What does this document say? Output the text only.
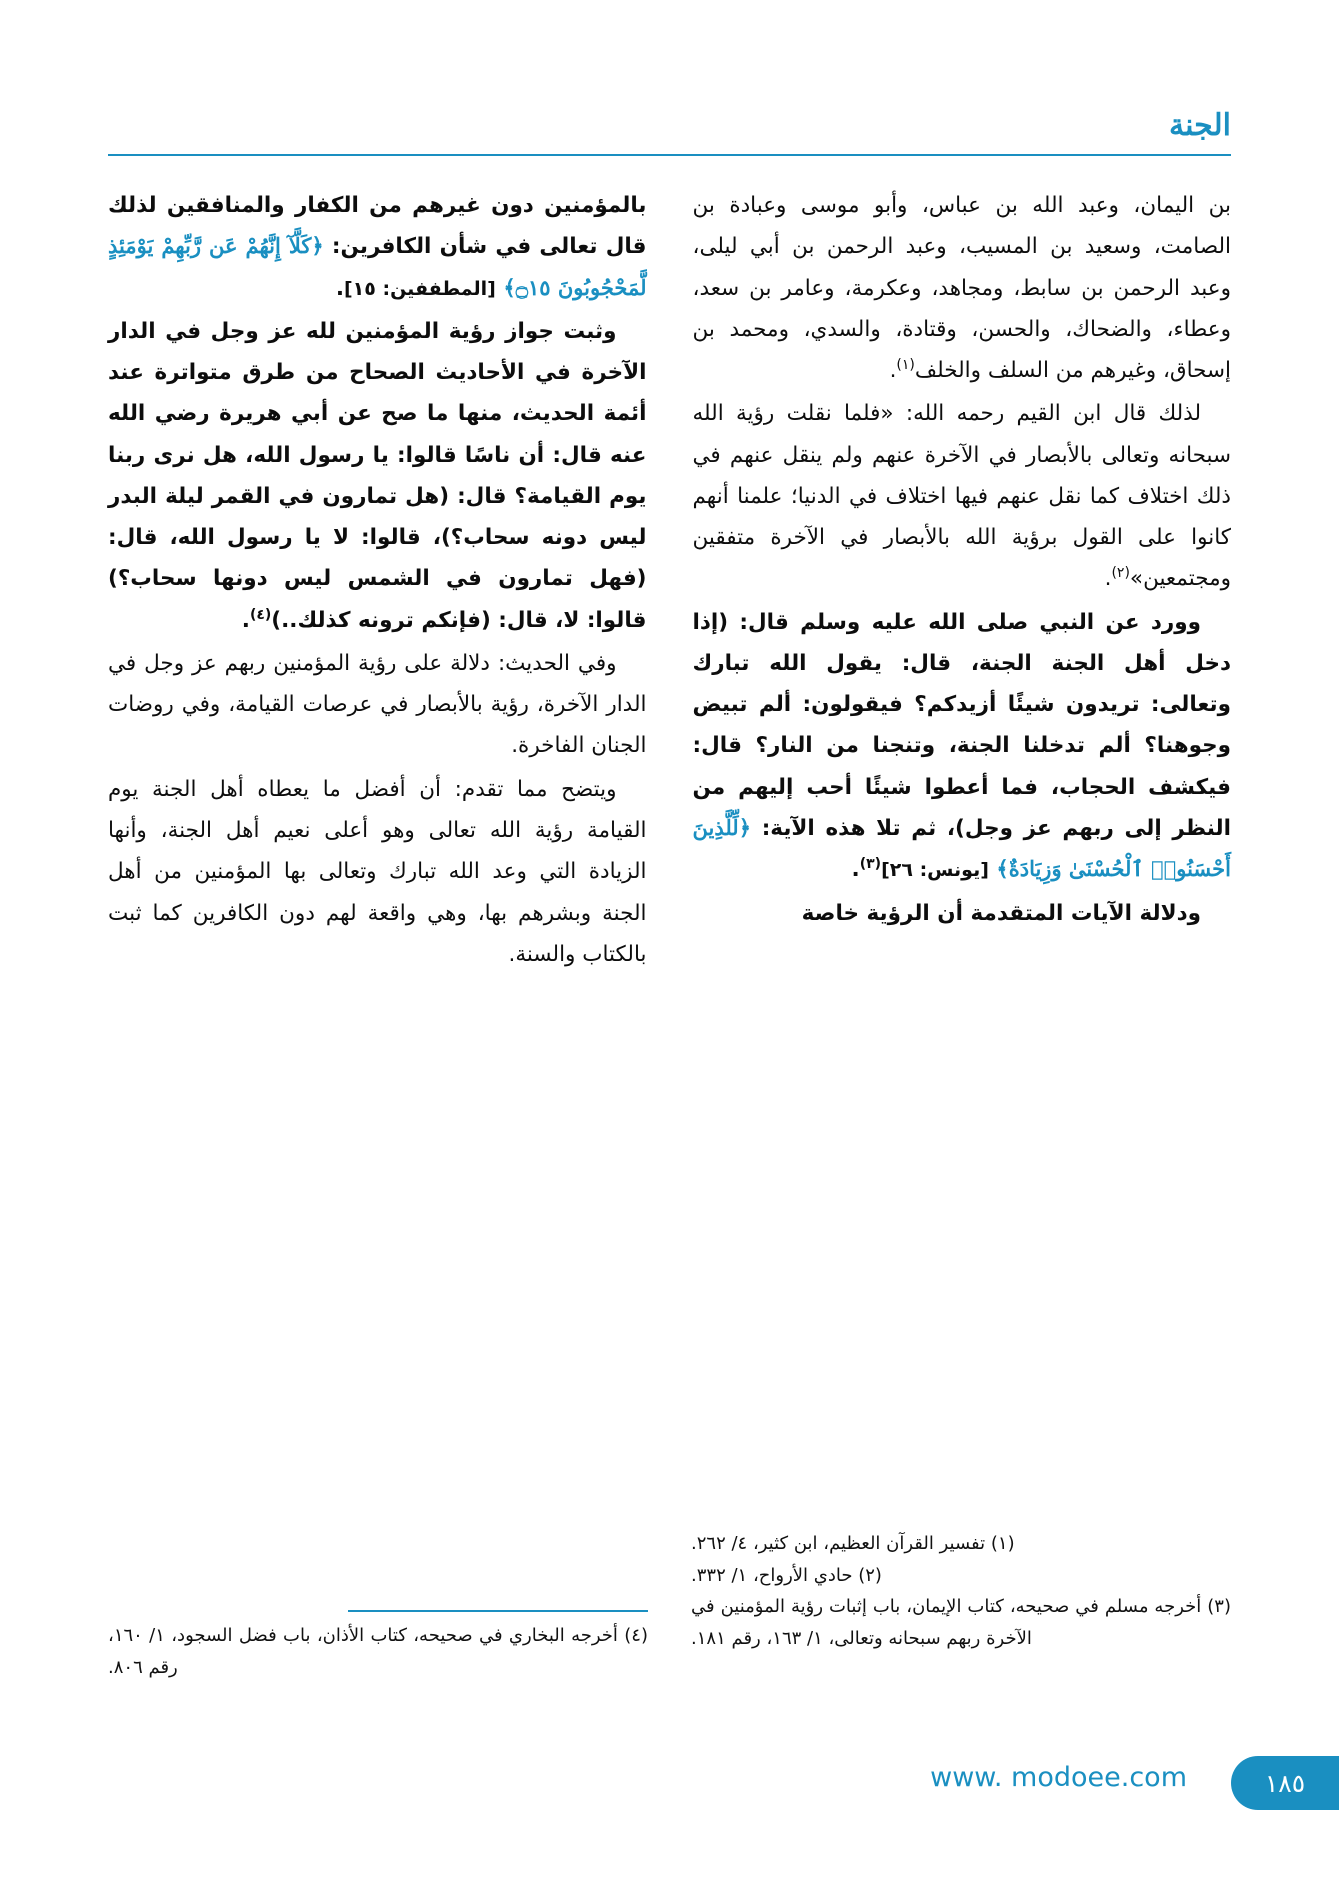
الجنة

بن اليمان، وعبد الله بن عباس، وأبو موسى وعبادة بن الصامت، وسعيد بن المسيب، وعبد الرحمن بن أبي ليلى، وعبد الرحمن بن سابط، ومجاهد، وعكرمة، وعامر بن سعد، وعطاء، والضحاك، والحسن، وقتادة، والسدي، ومحمد بن إسحاق، وغيرهم من السلف والخلف$^{(١)}$.

لذلك قال ابن القيم رحمه الله: «فلما نقلت رؤية الله سبحانه وتعالى بالأبصار في الآخرة عنهم ولم ينقل عنهم في ذلك اختلاف كما نقل عنهم فيها اختلاف في الدنيا؛ علمنا أنهم كانوا على القول برؤية الله بالأبصار في الآخرة متفقين ومجتمعين»$^{(٢)}$.

وورد عن النبي صلى الله عليه وسلم قال: (إذا دخل أهل الجنة الجنة، قال: يقول الله تبارك وتعالى: تريدون شيئًا أزيدكم؟ فيقولون: ألم تبيض وجوهنا؟ ألم تدخلنا الجنة، وتنجنا من النار؟ قال: فيكشف الحجاب، فما أعطوا شيئًا أحب إليهم من النظر إلى ربهم عز وجل)، ثم تلا هذه الآية: ﴿لِّلَّذِينَ أَحْسَنُوا۟ ٱلْحُسْنَىٰ وَزِيَادَةٌ﴾ [يونس: ٢٦]$^{(٣)}$.

ودلالة الآيات المتقدمة أن الرؤية خاصة

بالمؤمنين دون غيرهم من الكفار والمنافقين لذلك قال تعالى في شأن الكافرين: ﴿كَلَّآ إِنَّهُمْ عَن رَّبِّهِمْ يَوْمَئِذٍ لَّمَحْجُوبُونَ ۝١٥﴾ [المطففين: ١٥].

وثبت جواز رؤية المؤمنين لله عز وجل في الدار الآخرة في الأحاديث الصحاح من طرق متواترة عند أئمة الحديث، منها ما صح عن أبي هريرة رضي الله عنه قال: أن ناسًا قالوا: يا رسول الله، هل نرى ربنا يوم القيامة؟ قال: (هل تمارون في القمر ليلة البدر ليس دونه سحاب؟)، قالوا: لا يا رسول الله، قال: (فهل تمارون في الشمس ليس دونها سحاب؟) قالوا: لا، قال: (فإنكم ترونه كذلك..)$^{(٤)}$.

وفي الحديث: دلالة على رؤية المؤمنين ربهم عز وجل في الدار الآخرة، رؤية بالأبصار في عرصات القيامة، وفي روضات الجنان الفاخرة.

ويتضح مما تقدم: أن أفضل ما يعطاه أهل الجنة يوم القيامة رؤية الله تعالى وهو أعلى نعيم أهل الجنة، وأنها الزيادة التي وعد الله تبارك وتعالى بها المؤمنين من أهل الجنة وبشرهم بها، وهي واقعة لهم دون الكافرين كما ثبت بالكتاب والسنة.

(١) تفسير القرآن العظيم، ابن كثير، ٤/ ٢٦٢.
(٢) حادي الأرواح، ١/ ٣٣٢.
(٣) أخرجه مسلم في صحيحه، كتاب الإيمان، باب إثبات رؤية المؤمنين في الآخرة ربهم سبحانه وتعالى، ١/ ١٦٣، رقم ١٨١.
(٤) أخرجه البخاري في صحيحه، كتاب الأذان، باب فضل السجود، ١/ ١٦٠، رقم ٨٠٦.
١٨٥
www. modoee.com
